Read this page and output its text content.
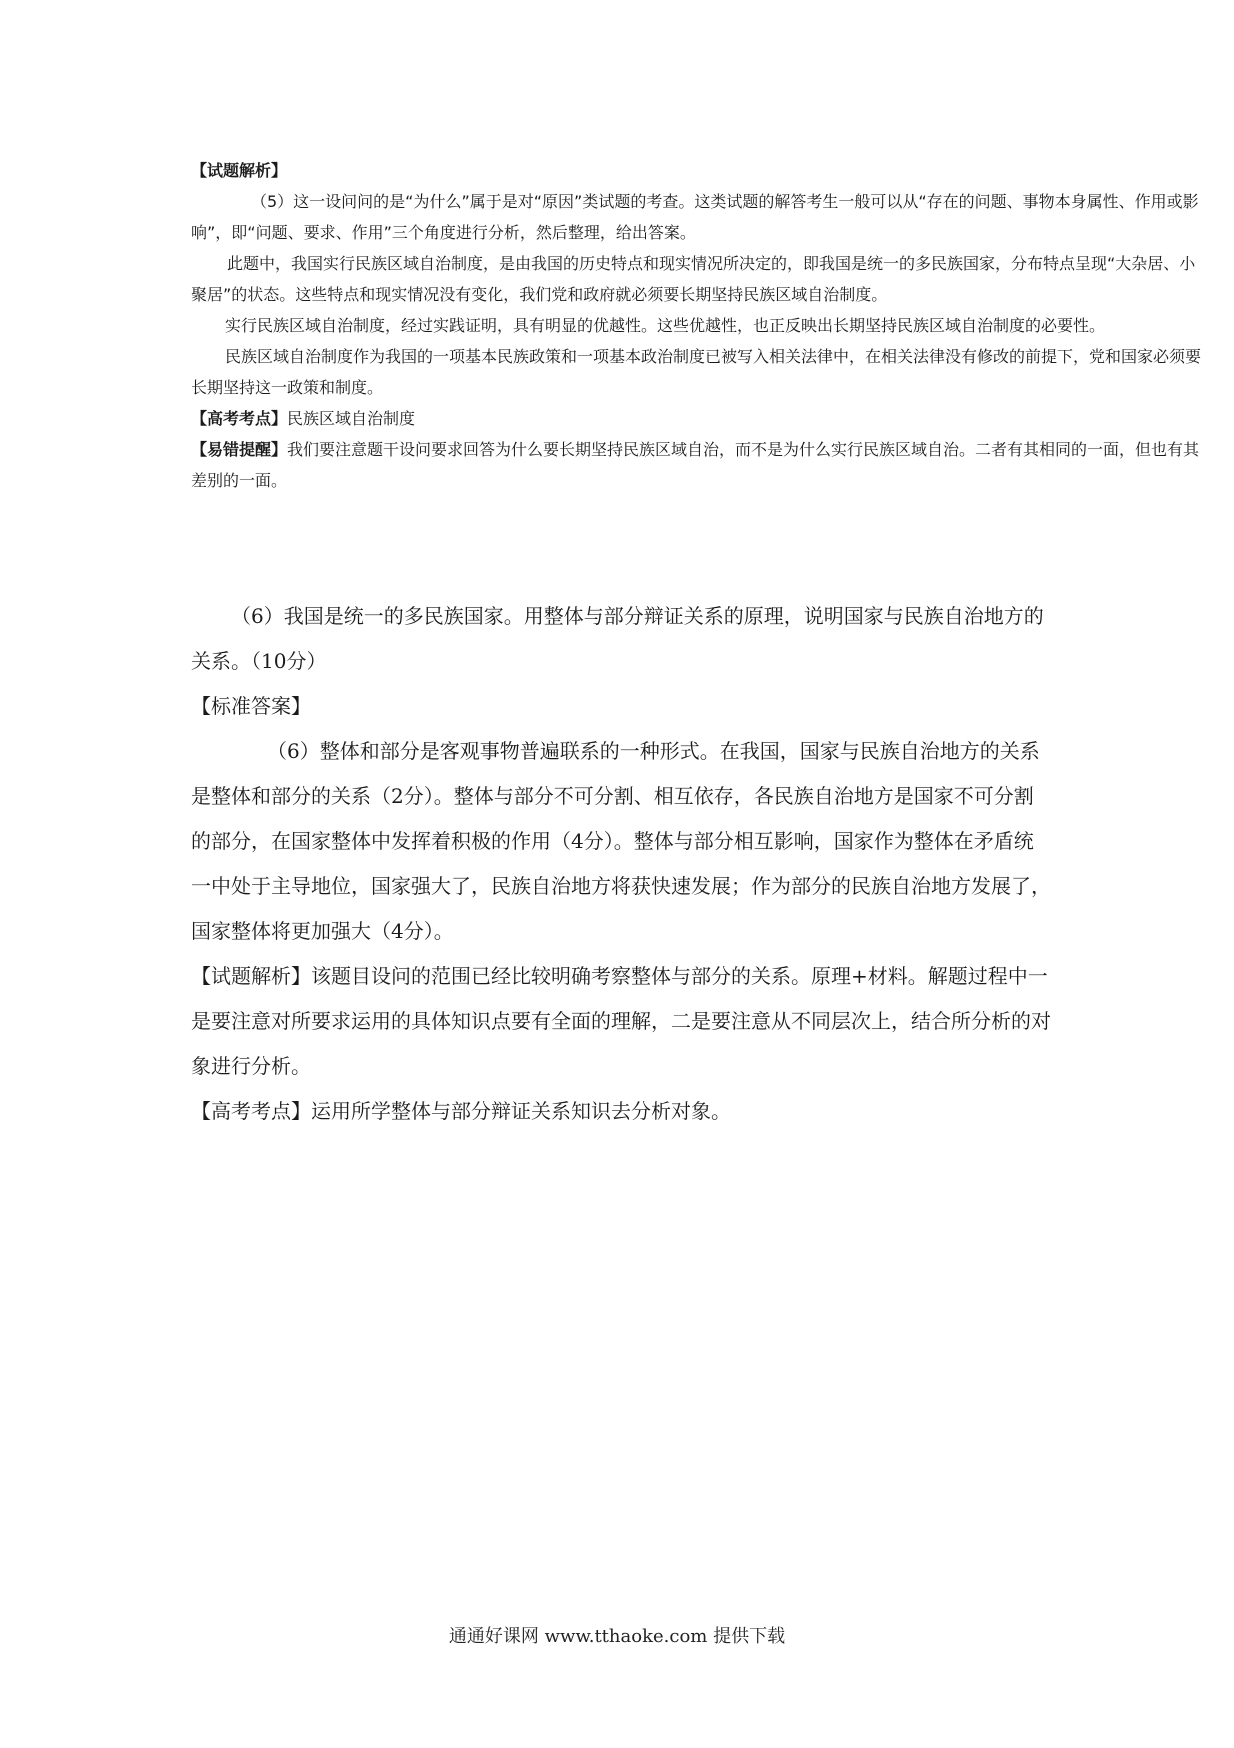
【试题解析】

（5）这一设问问的是“为什么”属于是对“原因”类试题的考查。这类试题的解答考生一般可以从“存在的问题、事物本身属性、作用或影响”，即“问题、要求、作用”三个角度进行分析，然后整理，给出答案。

此题中，我国实行民族区域自治制度，是由我国的历史特点和现实情况所决定的，即我国是统一的多民族国家，分布特点呈现“大杂居、小聚居”的状态。这些特点和现实情况没有变化，我们党和政府就必须要长期坚持民族区域自治制度。

实行民族区域自治制度，经过实践证明，具有明显的优越性。这些优越性，也正反映出长期坚持民族区域自治制度的必要性。

民族区域自治制度作为我国的一项基本民族政策和一项基本政治制度已被写入相关法律中，在相关法律没有修改的前提下，党和国家必须要长期坚持这一政策和制度。

【高考考点】民族区域自治制度

【易错提醒】我们要注意题干设问要求回答为什么要长期坚持民族区域自治，而不是为什么实行民族区域自治。二者有其相同的一面，但也有其差别的一面。

（6）我国是统一的多民族国家。用整体与部分辩证关系的原理，说明国家与民族自治地方的关系。（10分）

【标准答案】

（6）整体和部分是客观事物普遍联系的一种形式。在我国，国家与民族自治地方的关系是整体和部分的关系（2分）。整体与部分不可分割、相互依存，各民族自治地方是国家不可分割的部分，在国家整体中发挥着积极的作用（4分）。整体与部分相互影响，国家作为整体在矛盾统一中处于主导地位，国家强大了，民族自治地方将获快速发展；作为部分的民族自治地方发展了，国家整体将更加强大（4分）。

【试题解析】该题目设问的范围已经比较明确考察整体与部分的关系。原理+材料。解题过程中一是要注意对所要求运用的具体知识点要有全面的理解，二是要注意从不同层次上，结合所分析的对象进行分析。

【高考考点】运用所学整体与部分辩证关系知识去分析对象。

通通好课网 www.tthaoke.com 提供下载
